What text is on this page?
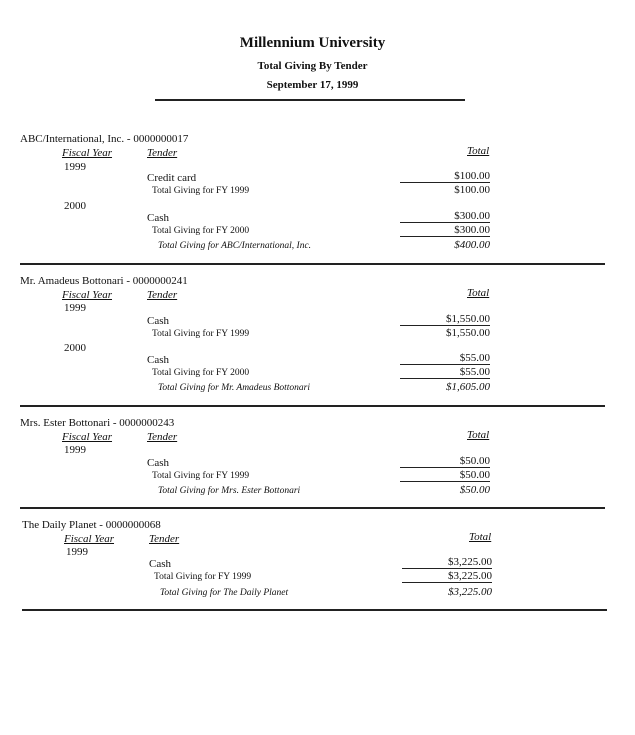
Millennium University
Total Giving By Tender
September 17, 1999
ABC/International, Inc. - 0000000017
Fiscal Year	Tender	Total
1999
Credit card	$100.00
Total Giving for FY 1999	$100.00
2000
Cash	$300.00
Total Giving for FY 2000	$300.00
Total Giving for ABC/International, Inc.	$400.00
Mr. Amadeus Bottonari - 0000000241
Fiscal Year	Tender	Total
1999
Cash	$1,550.00
Total Giving for FY 1999	$1,550.00
2000
Cash	$55.00
Total Giving for FY 2000	$55.00
Total Giving for Mr. Amadeus Bottonari	$1,605.00
Mrs. Ester Bottonari - 0000000243
Fiscal Year	Tender	Total
1999
Cash	$50.00
Total Giving for FY 1999	$50.00
Total Giving for Mrs. Ester Bottonari	$50.00
The Daily Planet - 0000000068
Fiscal Year	Tender	Total
1999
Cash	$3,225.00
Total Giving for FY 1999	$3,225.00
Total Giving for The Daily Planet	$3,225.00
